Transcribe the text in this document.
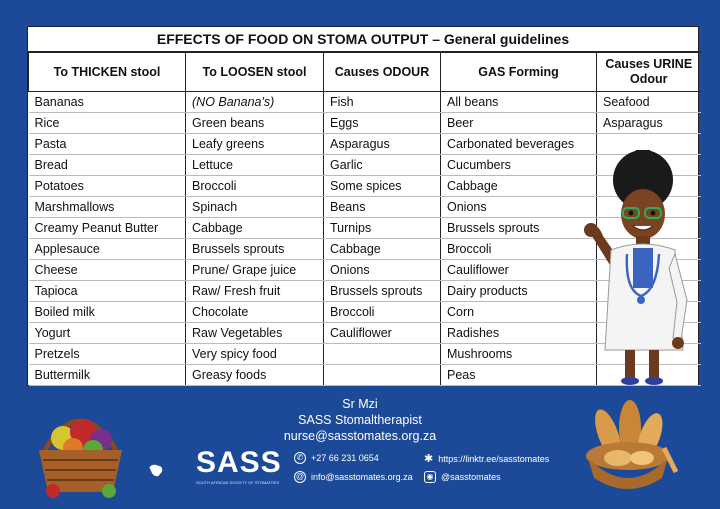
EFFECTS OF FOOD ON STOMA OUTPUT – General guidelines
To THICKEN stool	To LOOSEN stool	Causes ODOUR	GAS Forming	Causes URINE Odour
Bananas	(NO Banana's)	Fish	All beans	Seafood
Rice	Green beans	Eggs	Beer	Asparagus
Pasta	Leafy greens	Asparagus	Carbonated beverages	
Bread	Lettuce	Garlic	Cucumbers	
Potatoes	Broccoli	Some spices	Cabbage	
Marshmallows	Spinach	Beans	Onions	
Creamy Peanut Butter	Cabbage	Turnips	Brussels sprouts	
Applesauce	Brussels sprouts	Cabbage	Broccoli	
Cheese	Prune/ Grape juice	Onions	Cauliflower	
Tapioca	Raw/ Fresh fruit	Brussels sprouts	Dairy products	
Boiled milk	Chocolate	Broccoli	Corn	
Yogurt	Raw Vegetables	Cauliflower	Radishes	
Pretzels	Very spicy food		Mushrooms	
Buttermilk	Greasy foods		Peas	
Sr Mzi
SASS Stomaltherapist
nurse@sasstomates.org.za
SASS
SOUTH AFRICAN SOCIETY OF STOMATEES
✆ +27 66 231 0654
@ info@sasstomates.org.za
✱ https://linktr.ee/sasstomates
◉ @sasstomates
